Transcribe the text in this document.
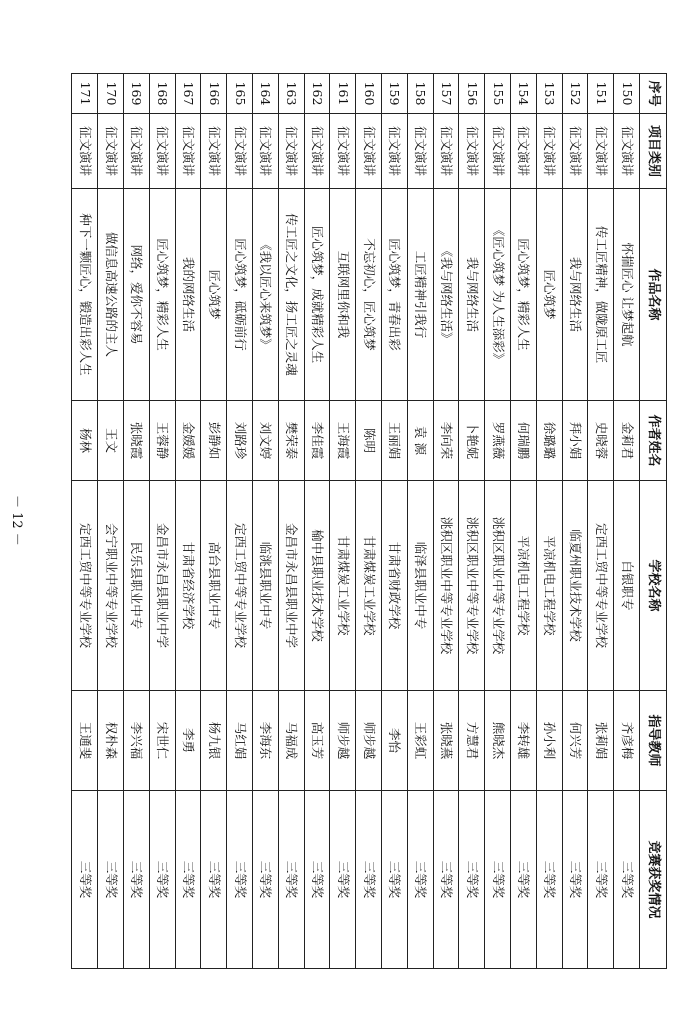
序号	项目类别	作品名称	作者姓名	学校名称	指导教师	竞赛获奖情况
150	征文演讲	怀揣匠心 让梦起航	金莉君	白银职专	齐彦梅	三等奖
151	征文演讲	传工匠精神，做陇原工匠	史晓蓉	定西工贸中等专业学校	张莉娟	三等奖
152	征文演讲	我与网络生活	拜小娟	临夏州职业技术学校	何兴芳	三等奖
153	征文演讲	匠心筑梦	徐璐璐	平凉机电工程学校	孙小利	三等奖
154	征文演讲	匠心筑梦，精彩人生	何瑞鹏	平凉机电工程学校	李转雄	三等奖
155	征文演讲	《匠心筑梦 为人生添彩》	罗燕薇	洮积区职业中等专业学校	熊晓杰	三等奖
156	征文演讲	我与网络生活	卜艳妮	洮积区职业中等专业学校	方慧君	三等奖
157	征文演讲	《我与网络生活》	李向荣	洮积区职业中等专业学校	张晓燕	三等奖
158	征文演讲	工匠精神引我行	袁 源	临泽县职业中专	王彩虹	三等奖
159	征文演讲	匠心筑梦，青春出彩	王丽娟	甘肃省财政学校	李怡	三等奖
160	征文演讲	不忘初心，匠心筑梦	陈明	甘肃煤炭工业学校	师步越	三等奖
161	征文演讲	互联网里你和我	王海霞	甘肃煤炭工业学校	师步越	三等奖
162	征文演讲	匠心筑梦，成就精彩人生	李佳霞	榆中县职业技术学校	高玉芳	三等奖
163	征文演讲	传工匠之文化，扬工匠之灵魂	樊荣泰	金昌市永昌县职业中学	马福成	三等奖
164	征文演讲	《我以匠心来筑梦》	刘文婷	临洮县职业中专	李海东	三等奖
165	征文演讲	匠心筑梦，砥砺前行	刘路珍	定西工贸中等专业学校	马红娟	三等奖
166	征文演讲	匠心筑梦	彭静如	高台县职业中专	杨九银	三等奖
167	征文演讲	我的网络生活	金媛媛	甘肃省经济学校	李勇	三等奖
168	征文演讲	匠心筑梦，精彩人生	王蓉静	金昌市永昌县职业中学	宋世仁	三等奖
169	征文演讲	网络，爱你不容易	张晓霞	民乐县职业中专	李兴福	三等奖
170	征文演讲	做信息高速公路的主人	王文	会宁职业中等专业学校	权朴森	三等奖
171	征文演讲	种下一颗匠心，锻造出彩人生	杨林	定西工贸中等专业学校	王通斐	三等奖
－ 12 －
